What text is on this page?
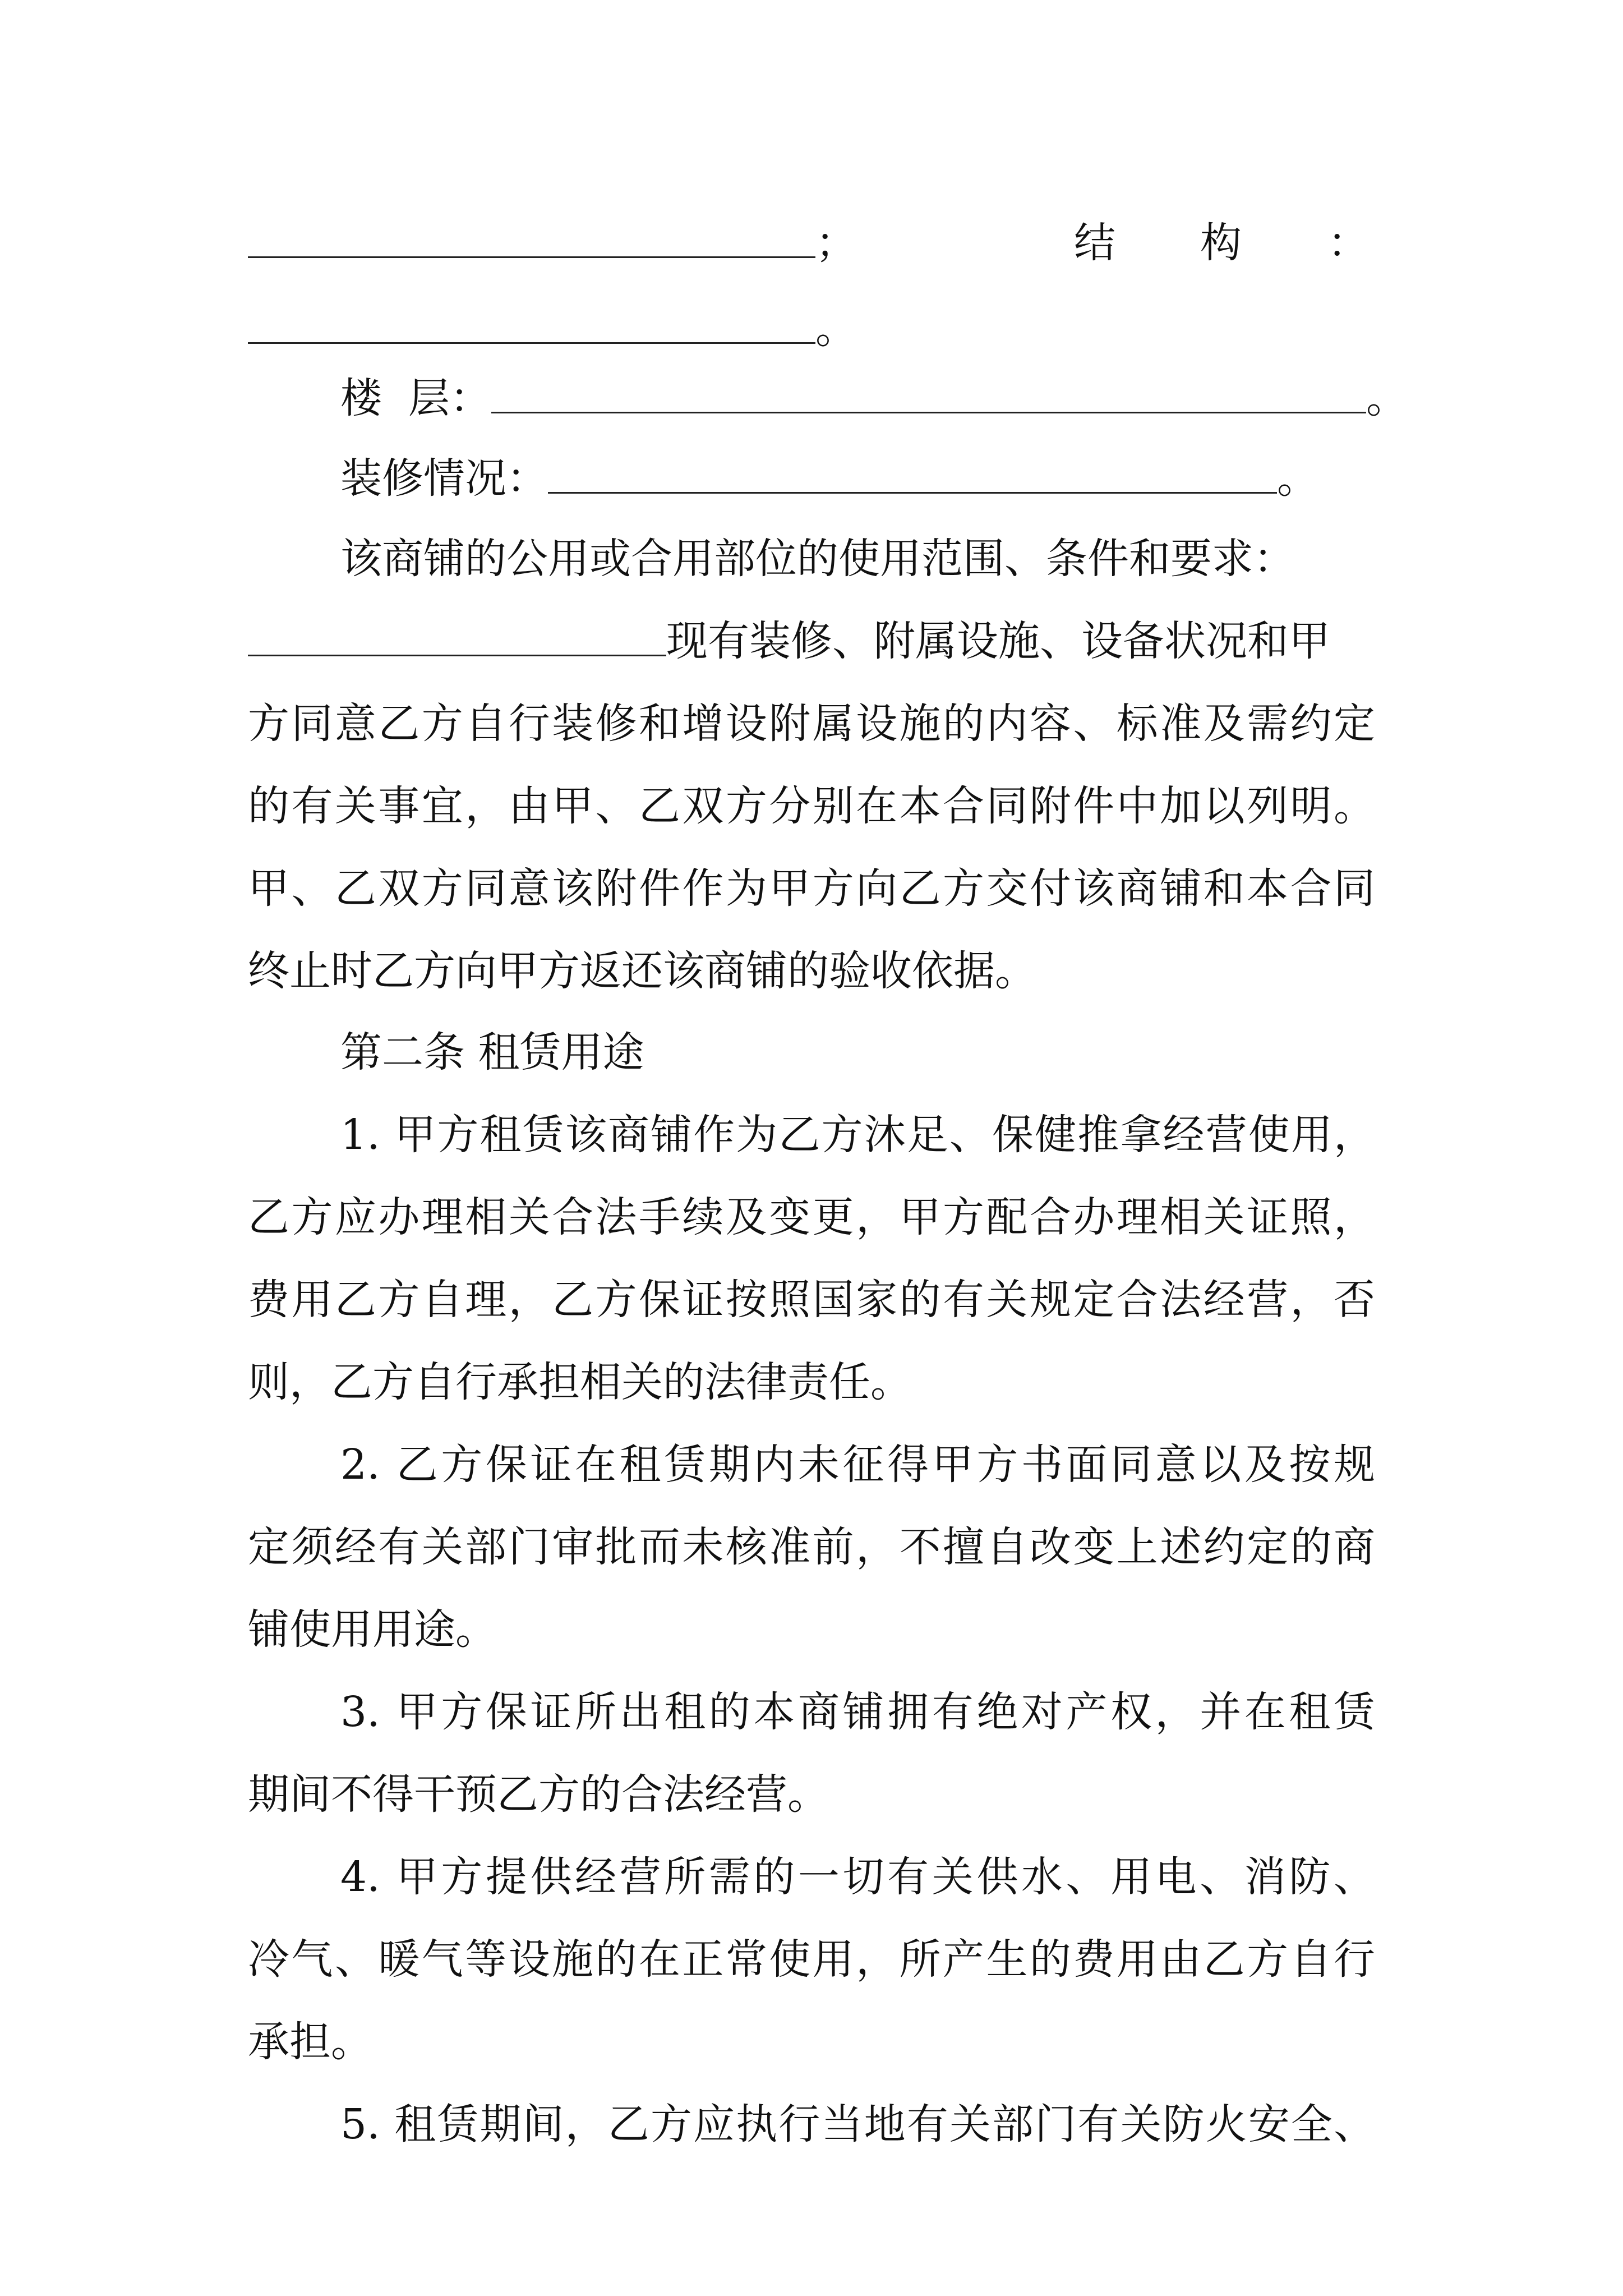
；	结 构 ：
。
楼  层：	。
装修情况：	。
该商铺的公用或合用部位的使用范围、条件和要求：
现有装修、附属设施、设备状况和甲
方同意乙方自行装修和增设附属设施的内容、标准及需约定
的有关事宜，由甲、乙双方分别在本合同附件中加以列明。
甲、乙双方同意该附件作为甲方向乙方交付该商铺和本合同
终止时乙方向甲方返还该商铺的验收依据。
第二条 租赁用途
1. 甲方租赁该商铺作为乙方沐足、保健推拿经营使用，
乙方应办理相关合法手续及变更，甲方配合办理相关证照，
费用乙方自理，乙方保证按照国家的有关规定合法经营，否
则，乙方自行承担相关的法律责任。
2. 乙方保证在租赁期内未征得甲方书面同意以及按规
定须经有关部门审批而未核准前，不擅自改变上述约定的商
铺使用用途。
3. 甲方保证所出租的本商铺拥有绝对产权，并在租赁
期间不得干预乙方的合法经营。
4. 甲方提供经营所需的一切有关供水、用电、消防、
冷气、暖气等设施的在正常使用，所产生的费用由乙方自行
承担。
5. 租赁期间，乙方应执行当地有关部门有关防火安全、
